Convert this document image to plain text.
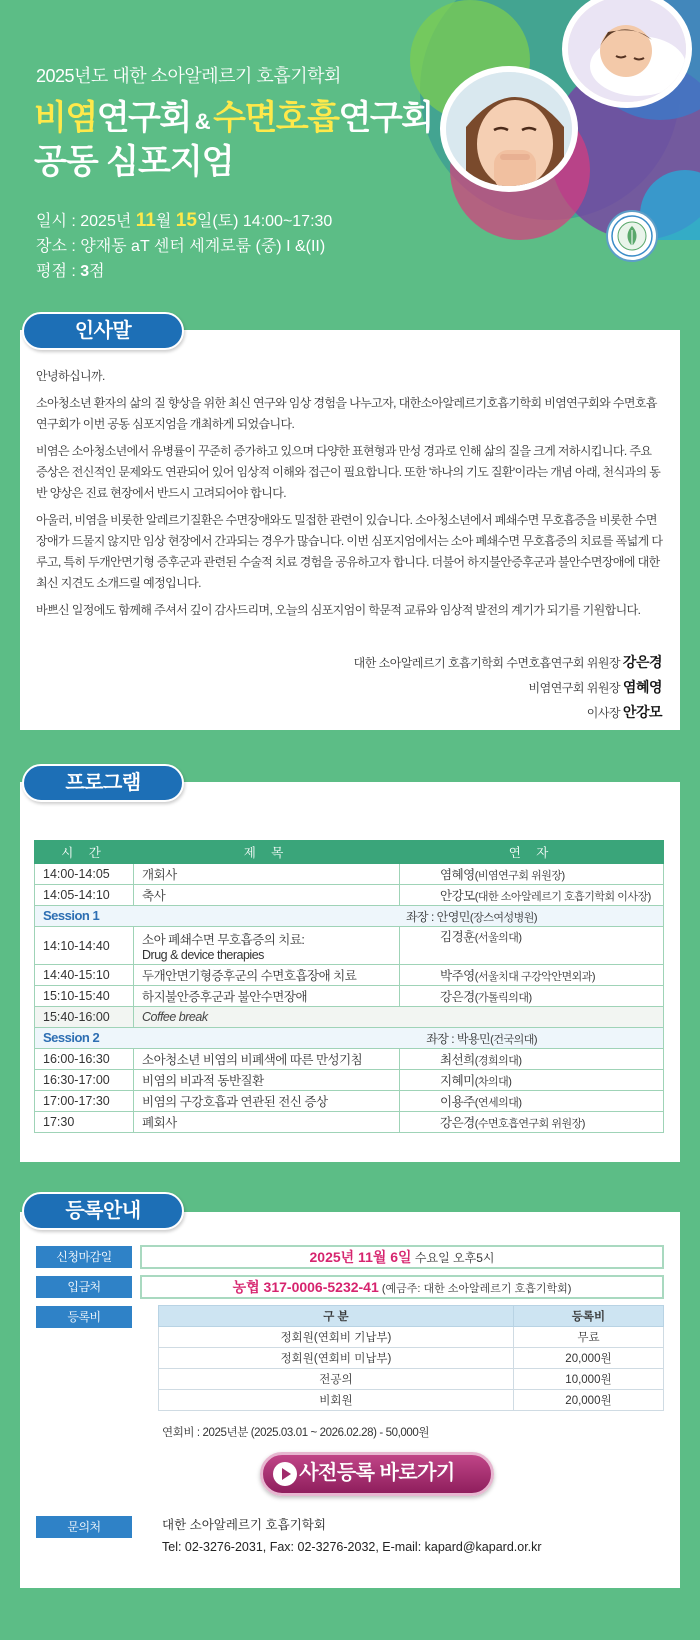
2025년도 대한 소아알레르기 호흡기학회
비염연구회 & 수면호흡연구회
공동 심포지엄
일시 : 2025년 11월 15일(토) 14:00~17:30
장소 : 양재동 aT 센터 세계로룸 (중) I &(II)
평점 : 3점

안녕하십니까.

소아청소년 환자의 삶의 질 향상을 위한 최신 연구와 임상 경험을 나누고자, 대한소아알레르기호흡기학회 비염연구회와 수면호흡연구회가 이번 공동 심포지엄을 개최하게 되었습니다.

비염은 소아청소년에서 유병률이 꾸준히 증가하고 있으며 다양한 표현형과 만성 경과로 인해 삶의 질을 크게 저하시킵니다. 주요 증상은 전신적인 문제와도 연관되어 있어 임상적 이해와 접근이 필요합니다. 또한 '하나의 기도 질환'이라는 개념 아래, 천식과의 동반 양상은 진료 현장에서 반드시 고려되어야 합니다.

아울러, 비염을 비롯한 알레르기질환은 수면장애와도 밀접한 관련이 있습니다. 소아청소년에서 폐쇄수면 무호흡증을 비롯한 수면장애가 드물지 않지만 임상 현장에서 간과되는 경우가 많습니다. 이번 심포지엄에서는 소아 폐쇄수면 무호흡증의 치료를 폭넓게 다루고, 특히 두개안면기형 증후군과 관련된 수술적 치료 경험을 공유하고자 합니다. 더불어 하지불안증후군과 불안수면장애에 대한 최신 지견도 소개드릴 예정입니다.

바쁘신 일정에도 함께해 주셔서 깊이 감사드리며, 오늘의 심포지엄이 학문적 교류와 임상적 발전의 계기가 되기를 기원합니다.

대한 소아알레르기 호흡기학회 수면호흡연구회 위원장 강은경
비염연구회 위원장 염혜영
이사장 안강모
인사말
시 간	제 목	연 자
14:00-14:05	개회사	염혜영(비염연구회 위원장)
14:05-14:10	축사	안강모(대한 소아알레르기 호흡기학회 이사장)
Session 1 좌장 : 안영민(장스여성병원)		

14:10-14:40	소아 폐쇄수면 무호흡증의 치료:
Drug & device therapies	김경훈(서울의대)
14:40-15:10	두개안면기형증후군의 수면호흡장애 치료	박주영(서울치대 구강악안면외과)
15:10-15:40	하지불안증후군과 불안수면장애	강은경(가톨릭의대)
15:40-16:00	Coffee break	
Session 2 좌장 : 박용민(건국의대)		

16:00-16:30	소아청소년 비염의 비폐색에 따른 만성기침	최선희(경희의대)
16:30-17:00	비염의 비과적 동반질환	지혜미(차의대)
17:00-17:30	비염의 구강호흡과 연관된 전신 증상	이용주(연세의대)
17:30	폐회사	강은경(수면호흡연구회 위원장)
프로그램
신청마감일	2025년 11월 6일 수요일 오후5시
입금처	농협 317-0006-5232-41 (예금주: 대한 소아알레르기 호흡기학회)
등록비	구 분	등록비
정회원(연회비 기납부)	무료
정회원(연회비 미납부)	20,000원
전공의	10,000원
비회원	20,000원
연회비 : 2025년분 (2025.03.01 ~ 2026.02.28) - 50,000원
사전등록 바로가기
문의처	대한 소아알레르기 호흡기학회
Tel: 02-3276-2031, Fax: 02-3276-2032, E-mail: kapard@kapard.or.kr
등록안내
